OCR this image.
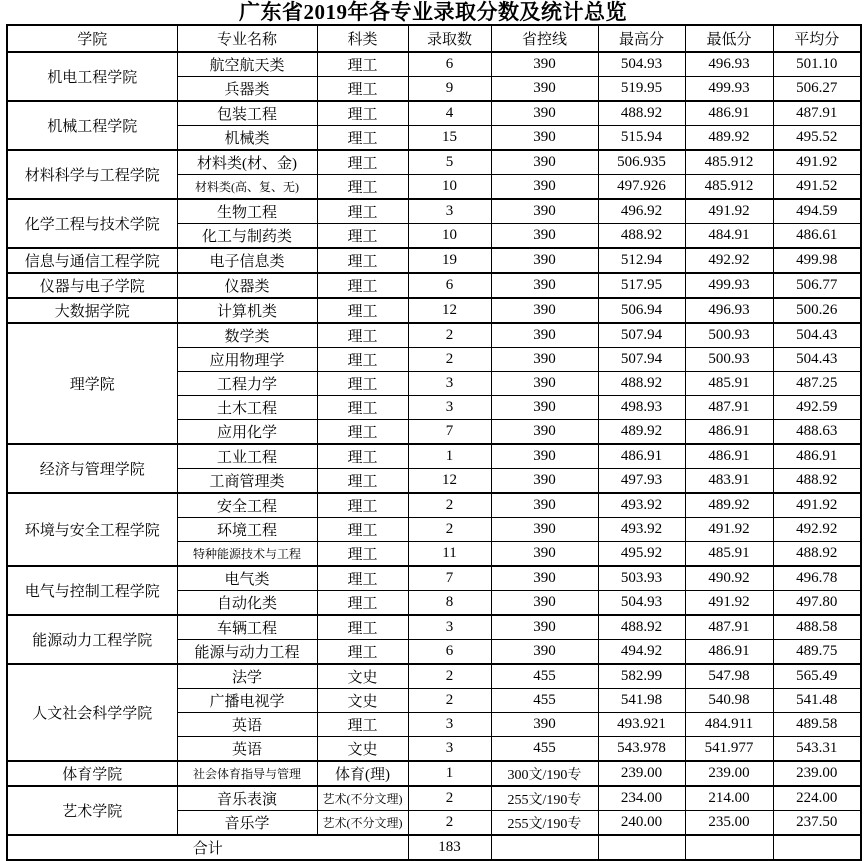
广东省2019年各专业录取分数及统计总览
学院	专业名称	科类	录取数	省控线	最高分	最低分	平均分
机电工程学院	航空航天类	理工	6	390	504.93	496.93	501.10
	兵器类	理工	9	390	519.95	499.93	506.27
机械工程学院	包装工程	理工	4	390	488.92	486.91	487.91
	机械类	理工	15	390	515.94	489.92	495.52
材料科学与工程学院	材料类(材、金)	理工	5	390	506.935	485.912	491.92
	材料类(高、复、无)	理工	10	390	497.926	485.912	491.52
化学工程与技术学院	生物工程	理工	3	390	496.92	491.92	494.59
	化工与制药类	理工	10	390	488.92	484.91	486.61
信息与通信工程学院	电子信息类	理工	19	390	512.94	492.92	499.98
仪器与电子学院	仪器类	理工	6	390	517.95	499.93	506.77
大数据学院	计算机类	理工	12	390	506.94	496.93	500.26
理学院	数学类	理工	2	390	507.94	500.93	504.43
	应用物理学	理工	2	390	507.94	500.93	504.43
	工程力学	理工	3	390	488.92	485.91	487.25
	土木工程	理工	3	390	498.93	487.91	492.59
	应用化学	理工	7	390	489.92	486.91	488.63
经济与管理学院	工业工程	理工	1	390	486.91	486.91	486.91
	工商管理类	理工	12	390	497.93	483.91	488.92
环境与安全工程学院	安全工程	理工	2	390	493.92	489.92	491.92
	环境工程	理工	2	390	493.92	491.92	492.92
	特种能源技术与工程	理工	11	390	495.92	485.91	488.92
电气与控制工程学院	电气类	理工	7	390	503.93	490.92	496.78
	自动化类	理工	8	390	504.93	491.92	497.80
能源动力工程学院	车辆工程	理工	3	390	488.92	487.91	488.58
	能源与动力工程	理工	6	390	494.92	486.91	489.75
人文社会科学学院	法学	文史	2	455	582.99	547.98	565.49
	广播电视学	文史	2	455	541.98	540.98	541.48
	英语	理工	3	390	493.921	484.911	489.58
	英语	文史	3	455	543.978	541.977	543.31
体育学院	社会体育指导与管理	体育(理)	1	300文/190专	239.00	239.00	239.00
艺术学院	音乐表演	艺术(不分文理)	2	255文/190专	234.00	214.00	224.00
	音乐学	艺术(不分文理)	2	255文/190专	240.00	235.00	237.50
合计			183				
